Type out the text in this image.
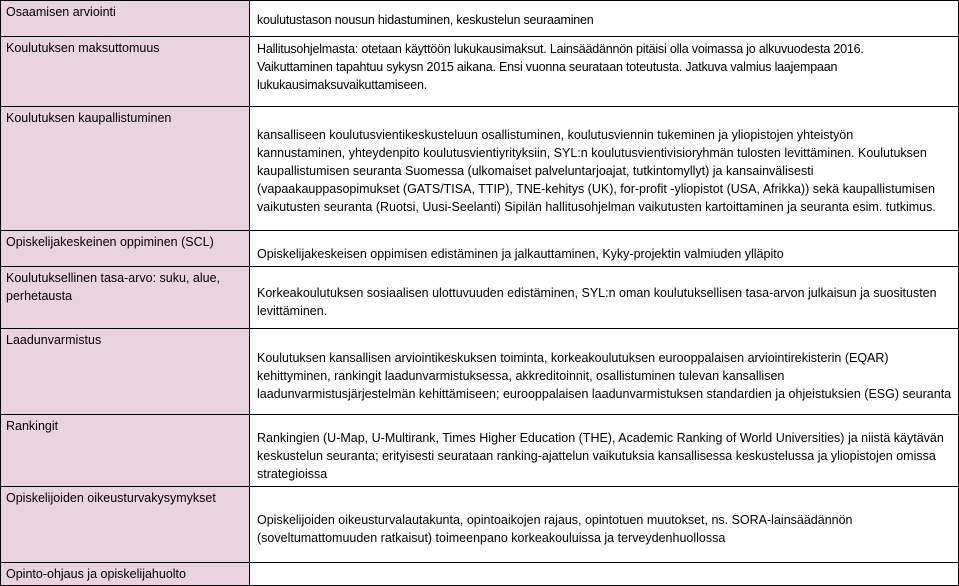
Osaamisen arviointi
koulutustason nousun hidastuminen, keskustelun seuraaminen
Koulutuksen maksuttomuus	Hallitusohjelmasta: otetaan käyttöön lukukausimaksut. Lainsäädännön pitäisi olla voimassa jo alkuvuodesta 2016.
Vaikuttaminen tapahtuu sykysn 2015 aikana. Ensi vuonna seurataan toteutusta. Jatkuva valmius laajempaan
lukukausimaksuvaikuttamiseen.
Koulutuksen kaupallistuminen
kansalliseen koulutusvientikeskusteluun osallistuminen, koulutusviennin tukeminen ja yliopistojen yhteistyön
kannustaminen, yhteydenpito koulutusvientiyrityksiin, SYL:n koulutusvientivisioryhmän tulosten levittäminen. Koulutuksen
kaupallistumisen seuranta Suomessa (ulkomaiset palveluntarjoajat, tutkintomyllyt) ja kansainvälisesti
(vapaakauppasopimukset (GATS/TISA, TTIP), TNE-kehitys (UK), for-profit -yliopistot (USA, Afrikka)) sekä kaupallistumisen
vaikutusten seuranta (Ruotsi, Uusi-Seelanti) Sipilän hallitusohjelman vaikutusten kartoittaminen ja seuranta esim. tutkimus.
Opiskelijakeskeinen oppiminen (SCL)
Opiskelijakeskeisen oppimisen edistäminen ja jalkauttaminen, Kyky-projektin valmiuden ylläpito
Koulutuksellinen tasa-arvo: suku, alue,
perhetausta	Korkeakoulutuksen sosiaalisen ulottuvuuden edistäminen, SYL:n oman koulutuksellisen tasa-arvon julkaisun ja suositusten
levittäminen.
Laadunvarmistus
Koulutuksen kansallisen arviointikeskuksen toiminta, korkeakoulutuksen eurooppalaisen arviointirekisterin (EQAR)
kehittyminen, rankingit laadunvarmistuksessa, akkreditoinnit, osallistuminen tulevan kansallisen
laadunvarmistusjärjestelmän kehittämiseen; eurooppalaisen laadunvarmistuksen standardien ja ohjeistuksien (ESG) seuranta
Rankingit
Rankingien (U-Map, U-Multirank, Times Higher Education (THE), Academic Ranking of World Universities) ja niistä käytävän
keskustelun seuranta; erityisesti seurataan ranking-ajattelun vaikutuksia kansallisessa keskustelussa ja yliopistojen omissa
strategioissa
Opiskelijoiden oikeusturvakysymykset
Opiskelijoiden oikeusturvalautakunta, opintoaikojen rajaus, opintotuen muutokset, ns. SORA-lainsäädännön
(soveltumattomuuden ratkaisut) toimeenpano korkeakouluissa ja terveydenhuollossa
Opinto-ohjaus ja opiskelijahuolto
